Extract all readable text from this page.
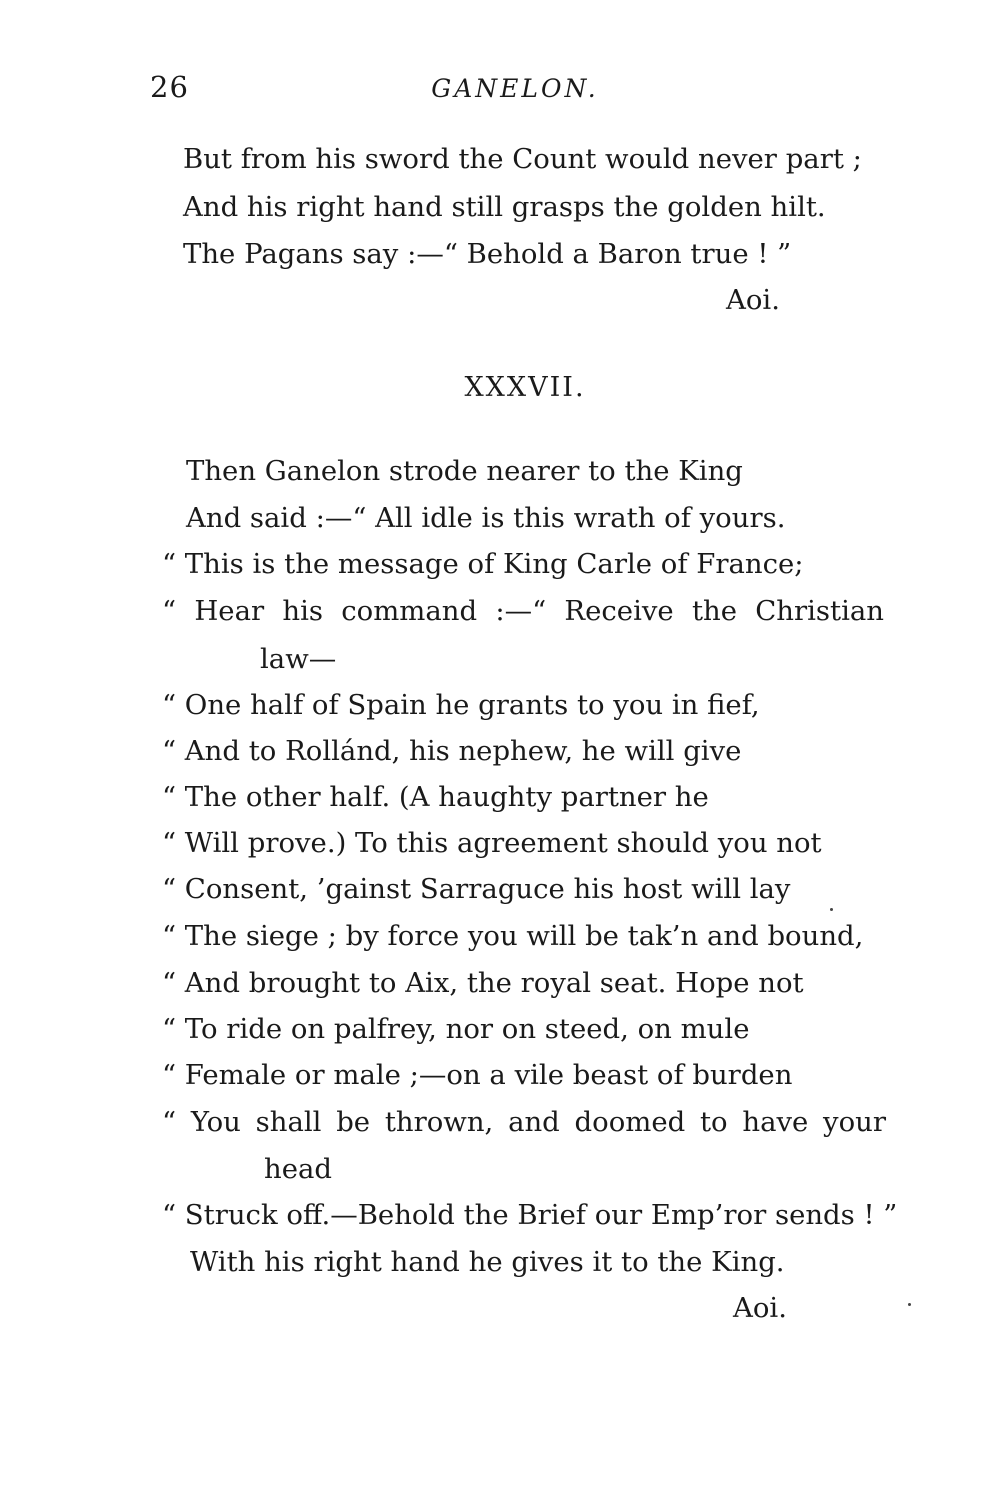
26	GANELON.
But from his sword the Count would never part ;
And his right hand still grasps the golden hilt.
The Pagans say :—“ Behold a Baron true ! ”
Aoi.
XXXVII.
Then Ganelon strode nearer to the King
And said :—“ All idle is this wrath of yours.
“ This is the message of King Carle of France;
“ Hear his command :—“ Receive the Christian
law—
“ One half of Spain he grants to you in fief,
“ And to Rollánd, his nephew, he will give
“ The other half. (A haughty partner he
“ Will prove.) To this agreement should you not
“ Consent, ’gainst Sarraguce his host will lay
“ The siege ; by force you will be tak’n and bound,
“ And brought to Aix, the royal seat. Hope not
“ To ride on palfrey, nor on steed, on mule
“ Female or male ;—on a vile beast of burden
“ You shall be thrown, and doomed to have your
head
“ Struck off.—Behold the Brief our Emp’ror sends ! ”
With his right hand he gives it to the King.
Aoi.
